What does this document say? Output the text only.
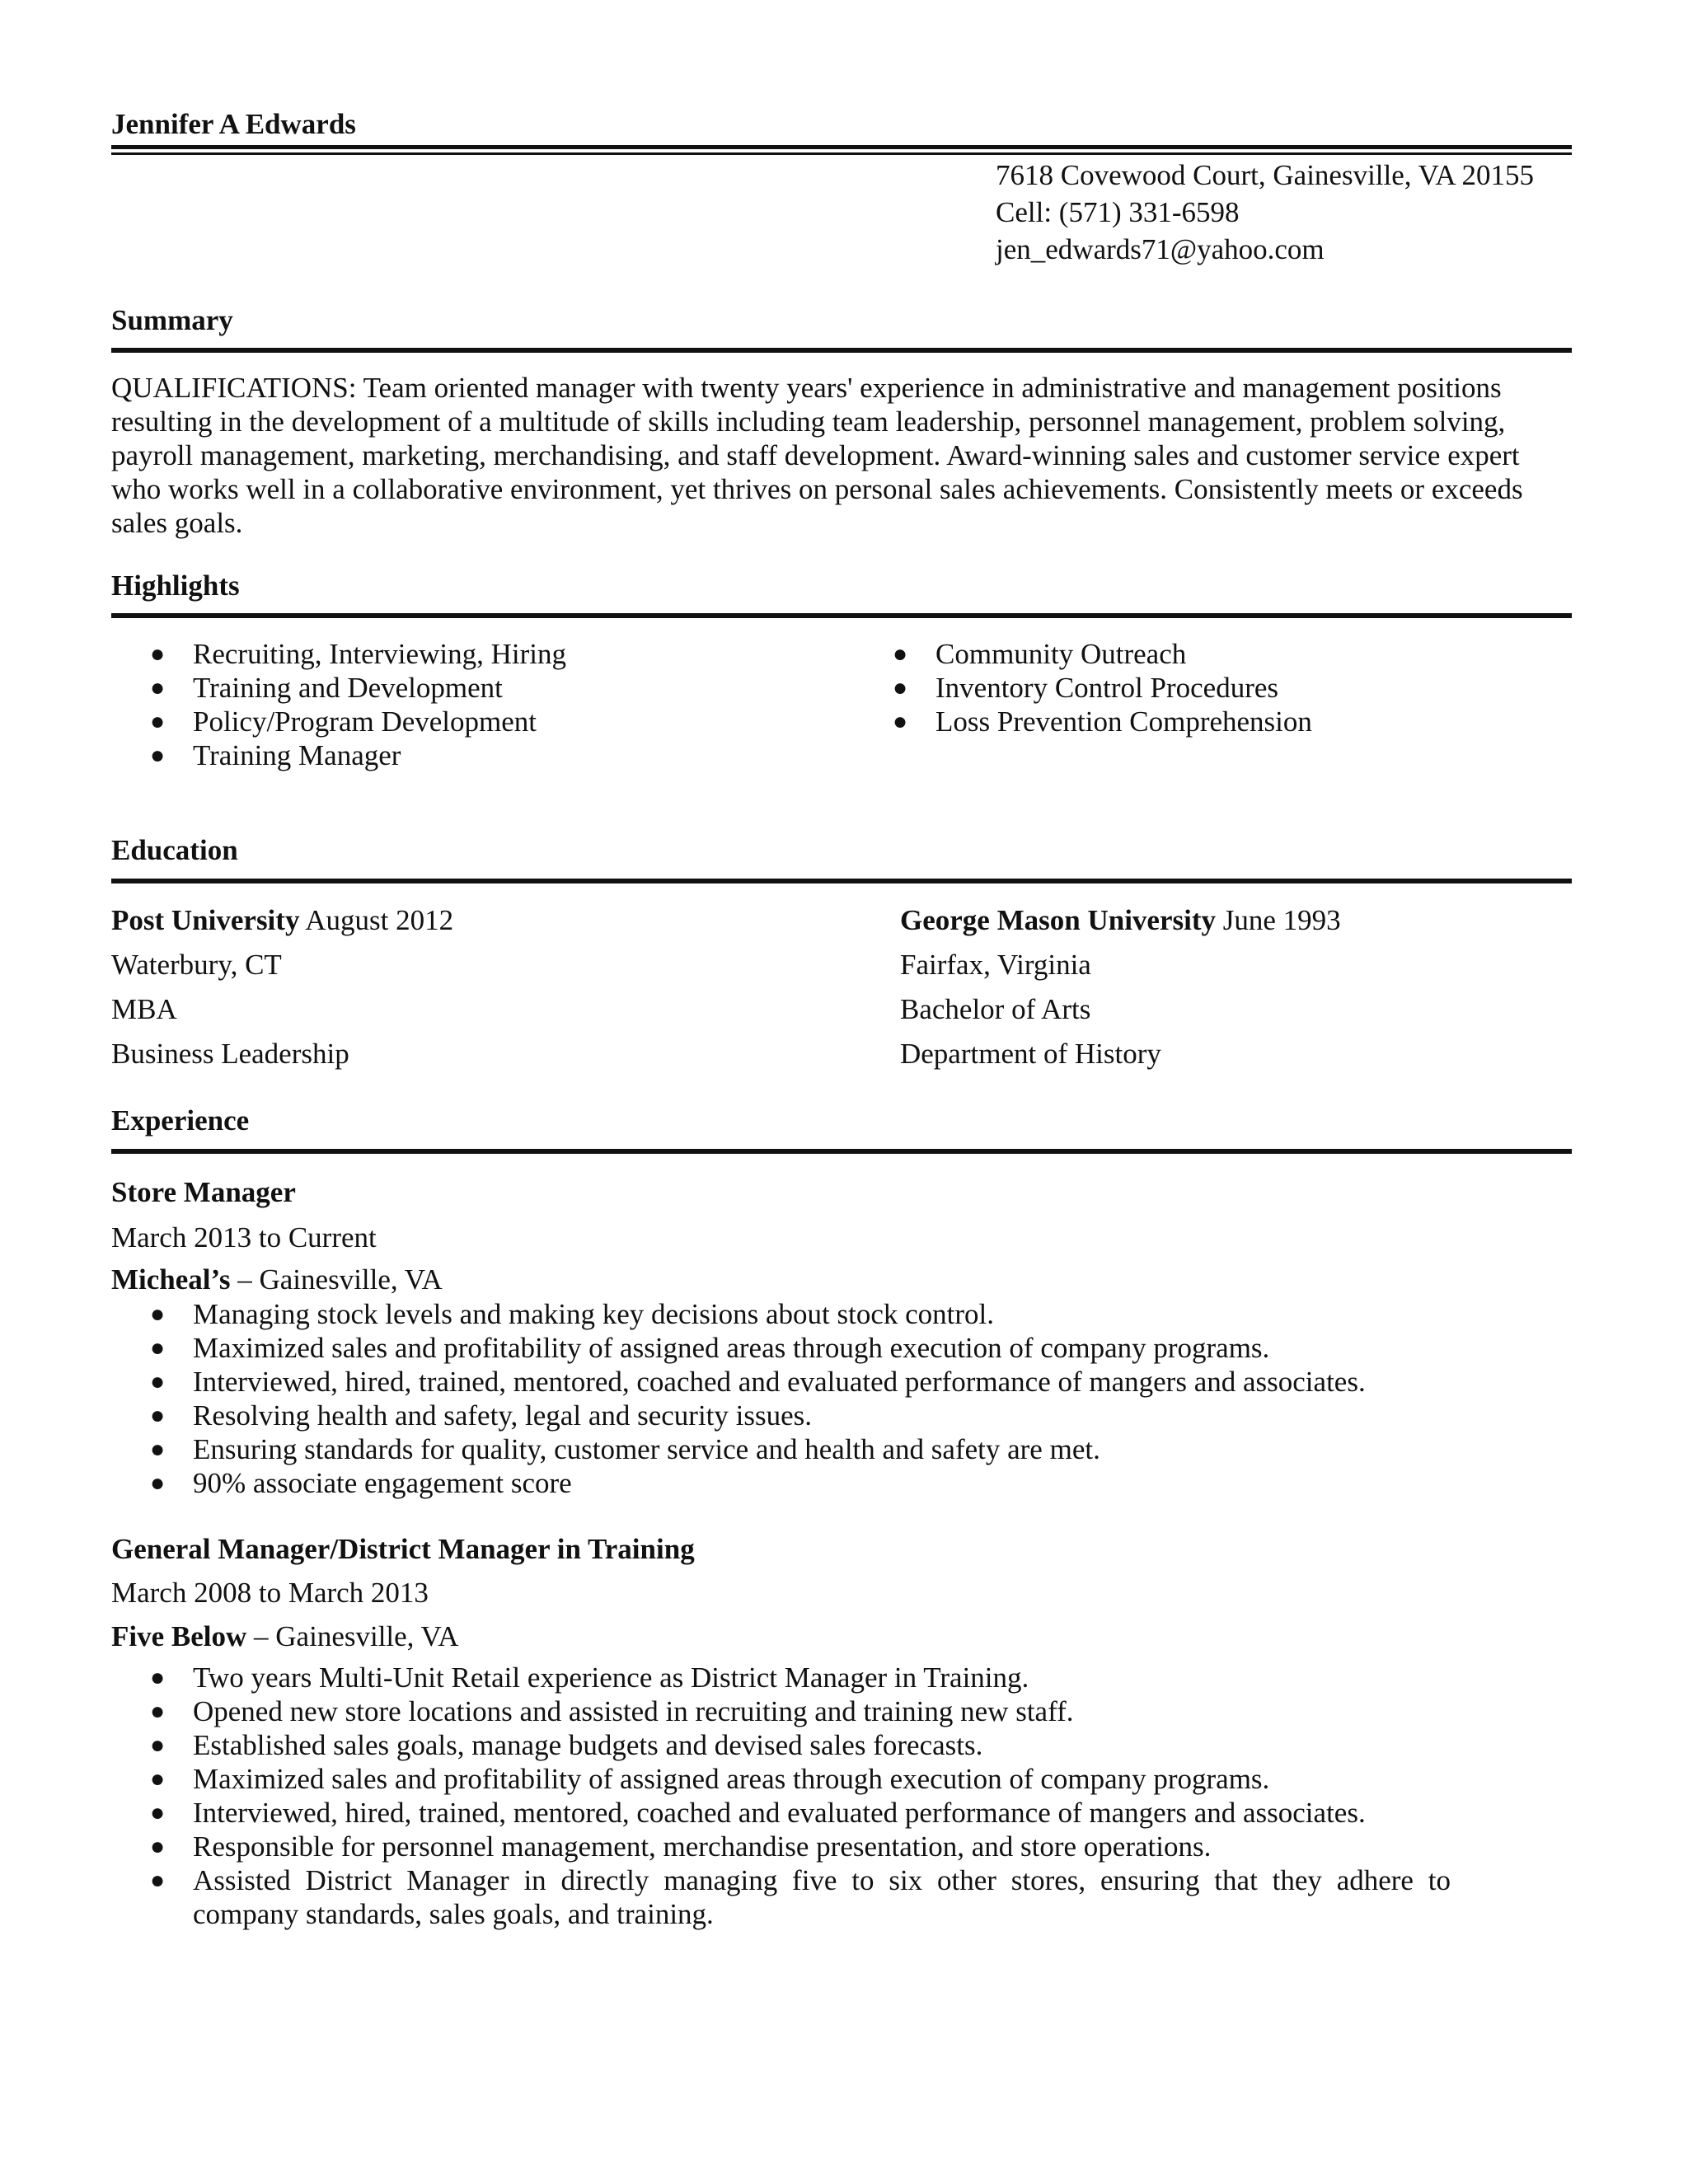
Jennifer A Edwards
7618 Covewood Court, Gainesville, VA 20155
Cell: (571) 331-6598
jen_edwards71@yahoo.com
Summary
QUALIFICATIONS: Team oriented manager with twenty years' experience in administrative and management positions resulting in the development of a multitude of skills including team leadership, personnel management, problem solving, payroll management, marketing, merchandising, and staff development. Award-winning sales and customer service expert who works well in a collaborative environment, yet thrives on personal sales achievements. Consistently meets or exceeds sales goals.
Highlights
● Recruiting, Interviewing, Hiring
● Training and Development
● Policy/Program Development
● Training Manager
● Community Outreach
● Inventory Control Procedures
● Loss Prevention Comprehension
Education
Post University August 2012
Waterbury, CT
MBA
Business Leadership
George Mason University June 1993
Fairfax, Virginia
Bachelor of Arts
Department of History
Experience
Store Manager
March 2013 to Current
Micheal’s – Gainesville, VA
● Managing stock levels and making key decisions about stock control.
● Maximized sales and profitability of assigned areas through execution of company programs.
● Interviewed, hired, trained, mentored, coached and evaluated performance of mangers and associates.
● Resolving health and safety, legal and security issues.
● Ensuring standards for quality, customer service and health and safety are met.
● 90% associate engagement score
General Manager/District Manager in Training
March 2008 to March 2013
Five Below – Gainesville, VA
● Two years Multi-Unit Retail experience as District Manager in Training.
● Opened new store locations and assisted in recruiting and training new staff.
● Established sales goals, manage budgets and devised sales forecasts.
● Maximized sales and profitability of assigned areas through execution of company programs.
● Interviewed, hired, trained, mentored, coached and evaluated performance of mangers and associates.
● Responsible for personnel management, merchandise presentation, and store operations.
● Assisted District Manager in directly managing five to six other stores, ensuring that they adhere to company standards, sales goals, and training.
